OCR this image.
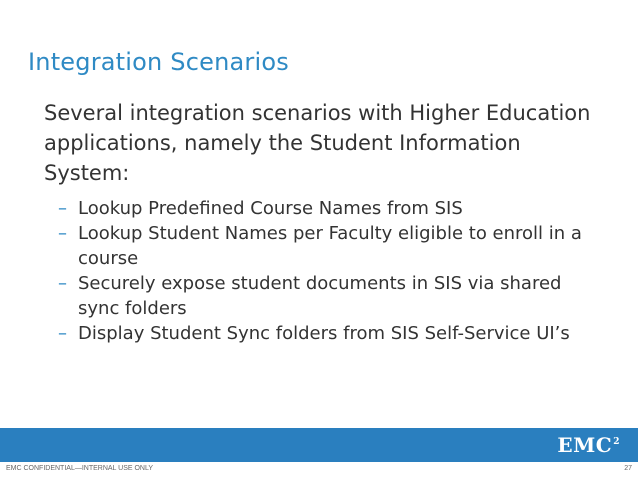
Integration Scenarios
Several integration scenarios with Higher Education applications, namely the Student Information System:
– Lookup Predefined Course Names from SIS
– Lookup Student Names per Faculty eligible to enroll in a course
– Securely expose student documents in SIS via shared sync folders
– Display Student Sync folders from SIS Self-Service UI’s
EMC$^2$
EMC CONFIDENTIAL—INTERNAL USE ONLY	27
